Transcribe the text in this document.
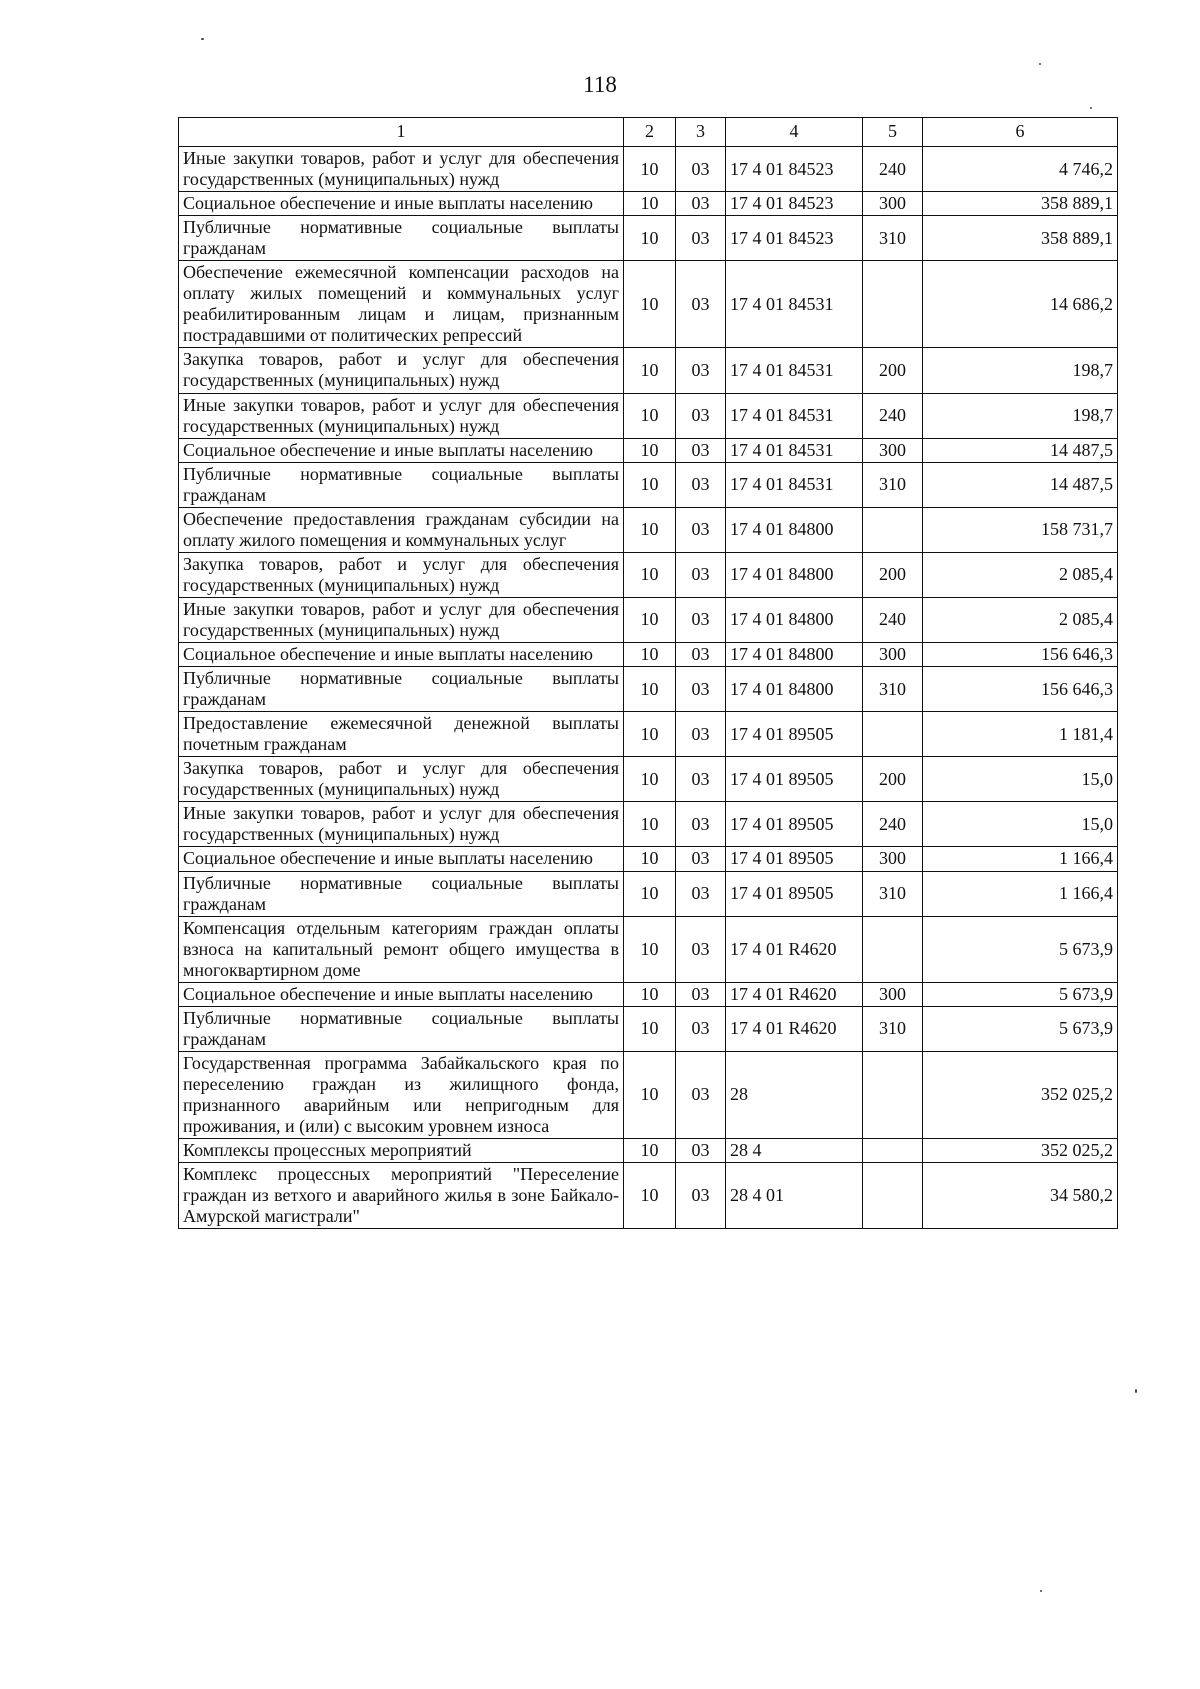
118
1	2	3	4	5	6
Иные закупки товаров, работ и услуг для обеспечения государственных (муниципальных) нужд	10	03	17 4 01 84523	240	4 746,2
Социальное обеспечение и иные выплаты населению	10	03	17 4 01 84523	300	358 889,1
Публичные нормативные социальные выплаты гражданам	10	03	17 4 01 84523	310	358 889,1
Обеспечение ежемесячной компенсации расходов на оплату жилых помещений и коммунальных услуг реабилитированным лицам и лицам, признанным пострадавшими от политических репрессий	10	03	17 4 01 84531		14 686,2
Закупка товаров, работ и услуг для обеспечения государственных (муниципальных) нужд	10	03	17 4 01 84531	200	198,7
Иные закупки товаров, работ и услуг для обеспечения государственных (муниципальных) нужд	10	03	17 4 01 84531	240	198,7
Социальное обеспечение и иные выплаты населению	10	03	17 4 01 84531	300	14 487,5
Публичные нормативные социальные выплаты гражданам	10	03	17 4 01 84531	310	14 487,5
Обеспечение предоставления гражданам субсидии на оплату жилого помещения и коммунальных услуг	10	03	17 4 01 84800		158 731,7
Закупка товаров, работ и услуг для обеспечения государственных (муниципальных) нужд	10	03	17 4 01 84800	200	2 085,4
Иные закупки товаров, работ и услуг для обеспечения государственных (муниципальных) нужд	10	03	17 4 01 84800	240	2 085,4
Социальное обеспечение и иные выплаты населению	10	03	17 4 01 84800	300	156 646,3
Публичные нормативные социальные выплаты гражданам	10	03	17 4 01 84800	310	156 646,3
Предоставление ежемесячной денежной выплаты почетным гражданам	10	03	17 4 01 89505		1 181,4
Закупка товаров, работ и услуг для обеспечения государственных (муниципальных) нужд	10	03	17 4 01 89505	200	15,0
Иные закупки товаров, работ и услуг для обеспечения государственных (муниципальных) нужд	10	03	17 4 01 89505	240	15,0
Социальное обеспечение и иные выплаты населению	10	03	17 4 01 89505	300	1 166,4
Публичные нормативные социальные выплаты гражданам	10	03	17 4 01 89505	310	1 166,4
Компенсация отдельным категориям граждан оплаты взноса на капитальный ремонт общего имущества в многоквартирном доме	10	03	17 4 01 R4620		5 673,9
Социальное обеспечение и иные выплаты населению	10	03	17 4 01 R4620	300	5 673,9
Публичные нормативные социальные выплаты гражданам	10	03	17 4 01 R4620	310	5 673,9
Государственная программа Забайкальского края по переселению граждан из жилищного фонда, признанного аварийным или непригодным для проживания, и (или) с высоким уровнем износа	10	03	28		352 025,2
Комплексы процессных мероприятий	10	03	28 4		352 025,2
Комплекс процессных мероприятий "Переселение граждан из ветхого и аварийного жилья в зоне Байкало-Амурской магистрали"	10	03	28 4 01		34 580,2
